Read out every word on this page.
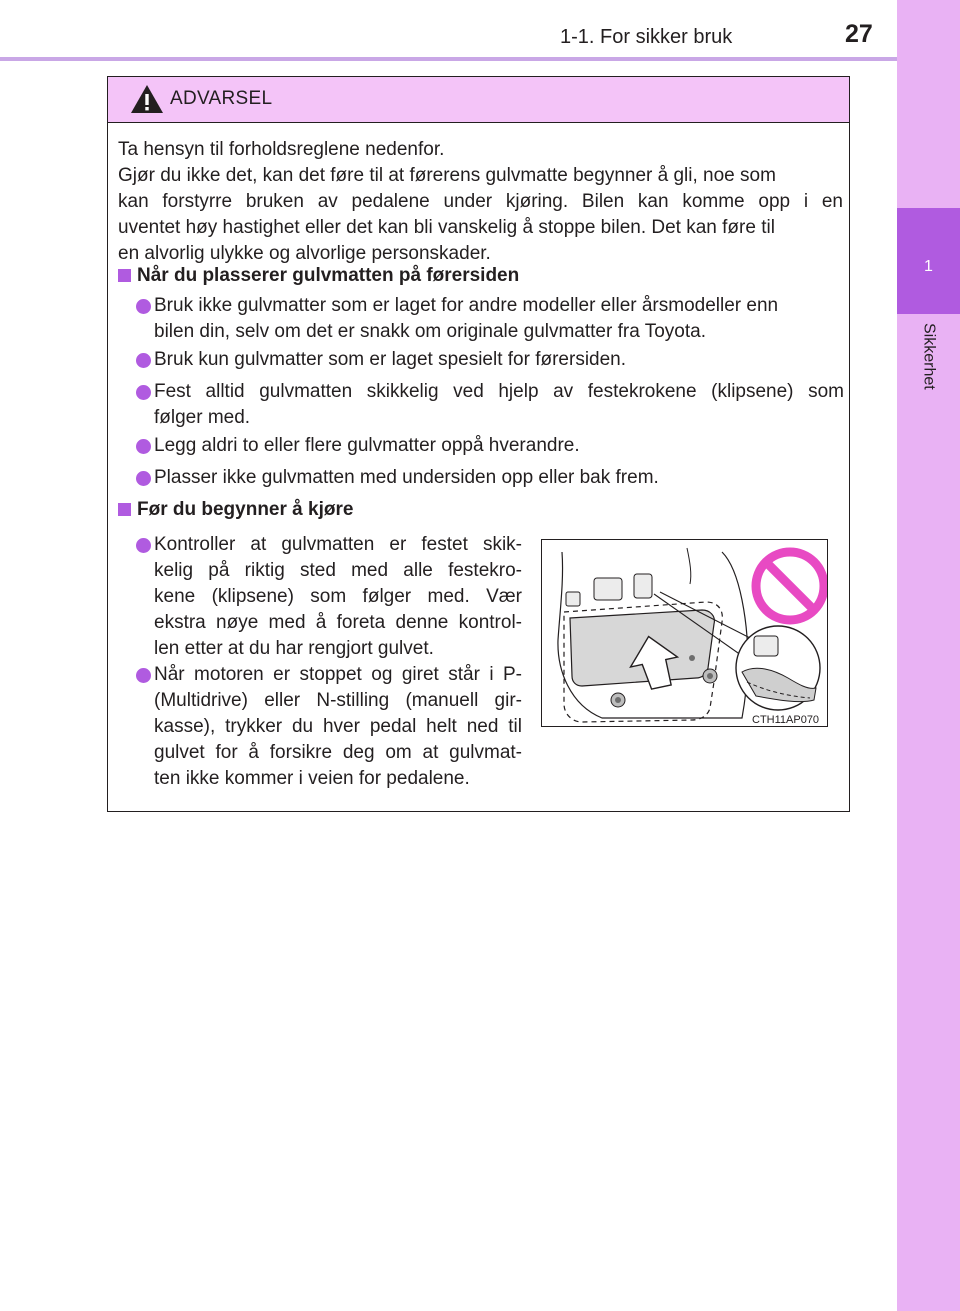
1-1. For sikker bruk	27
1
Sikkerhet
ADVARSEL
Ta hensyn til forholdsreglene nedenfor.
Gjør du ikke det, kan det føre til at førerens gulvmatte begynner å gli, noe som
kan forstyrre bruken av pedalene under kjøring. Bilen kan komme opp i en
uventet høy hastighet eller det kan bli vanskelig å stoppe bilen. Det kan føre til
en alvorlig ulykke og alvorlige personskader.
Når du plasserer gulvmatten på førersiden
Bruk ikke gulvmatter som er laget for andre modeller eller årsmodeller enn
bilen din, selv om det er snakk om originale gulvmatter fra Toyota.
Bruk kun gulvmatter som er laget spesielt for førersiden.
Fest alltid gulvmatten skikkelig ved hjelp av festekrokene (klipsene) som
følger med.
Legg aldri to eller flere gulvmatter oppå hverandre.
Plasser ikke gulvmatten med undersiden opp eller bak frem.
Før du begynner å kjøre
Kontroller at gulvmatten er festet skik-
kelig på riktig sted med alle festekro-
kene (klipsene) som følger med. Vær
ekstra nøye med å foreta denne kontrol-
len etter at du har rengjort gulvet.
Når motoren er stoppet og giret står i P-
(Multidrive) eller N-stilling (manuell gir-
kasse), trykker du hver pedal helt ned til
gulvet for å forsikre deg om at gulvmat-
ten ikke kommer i veien for pedalene.
CTH11AP070
